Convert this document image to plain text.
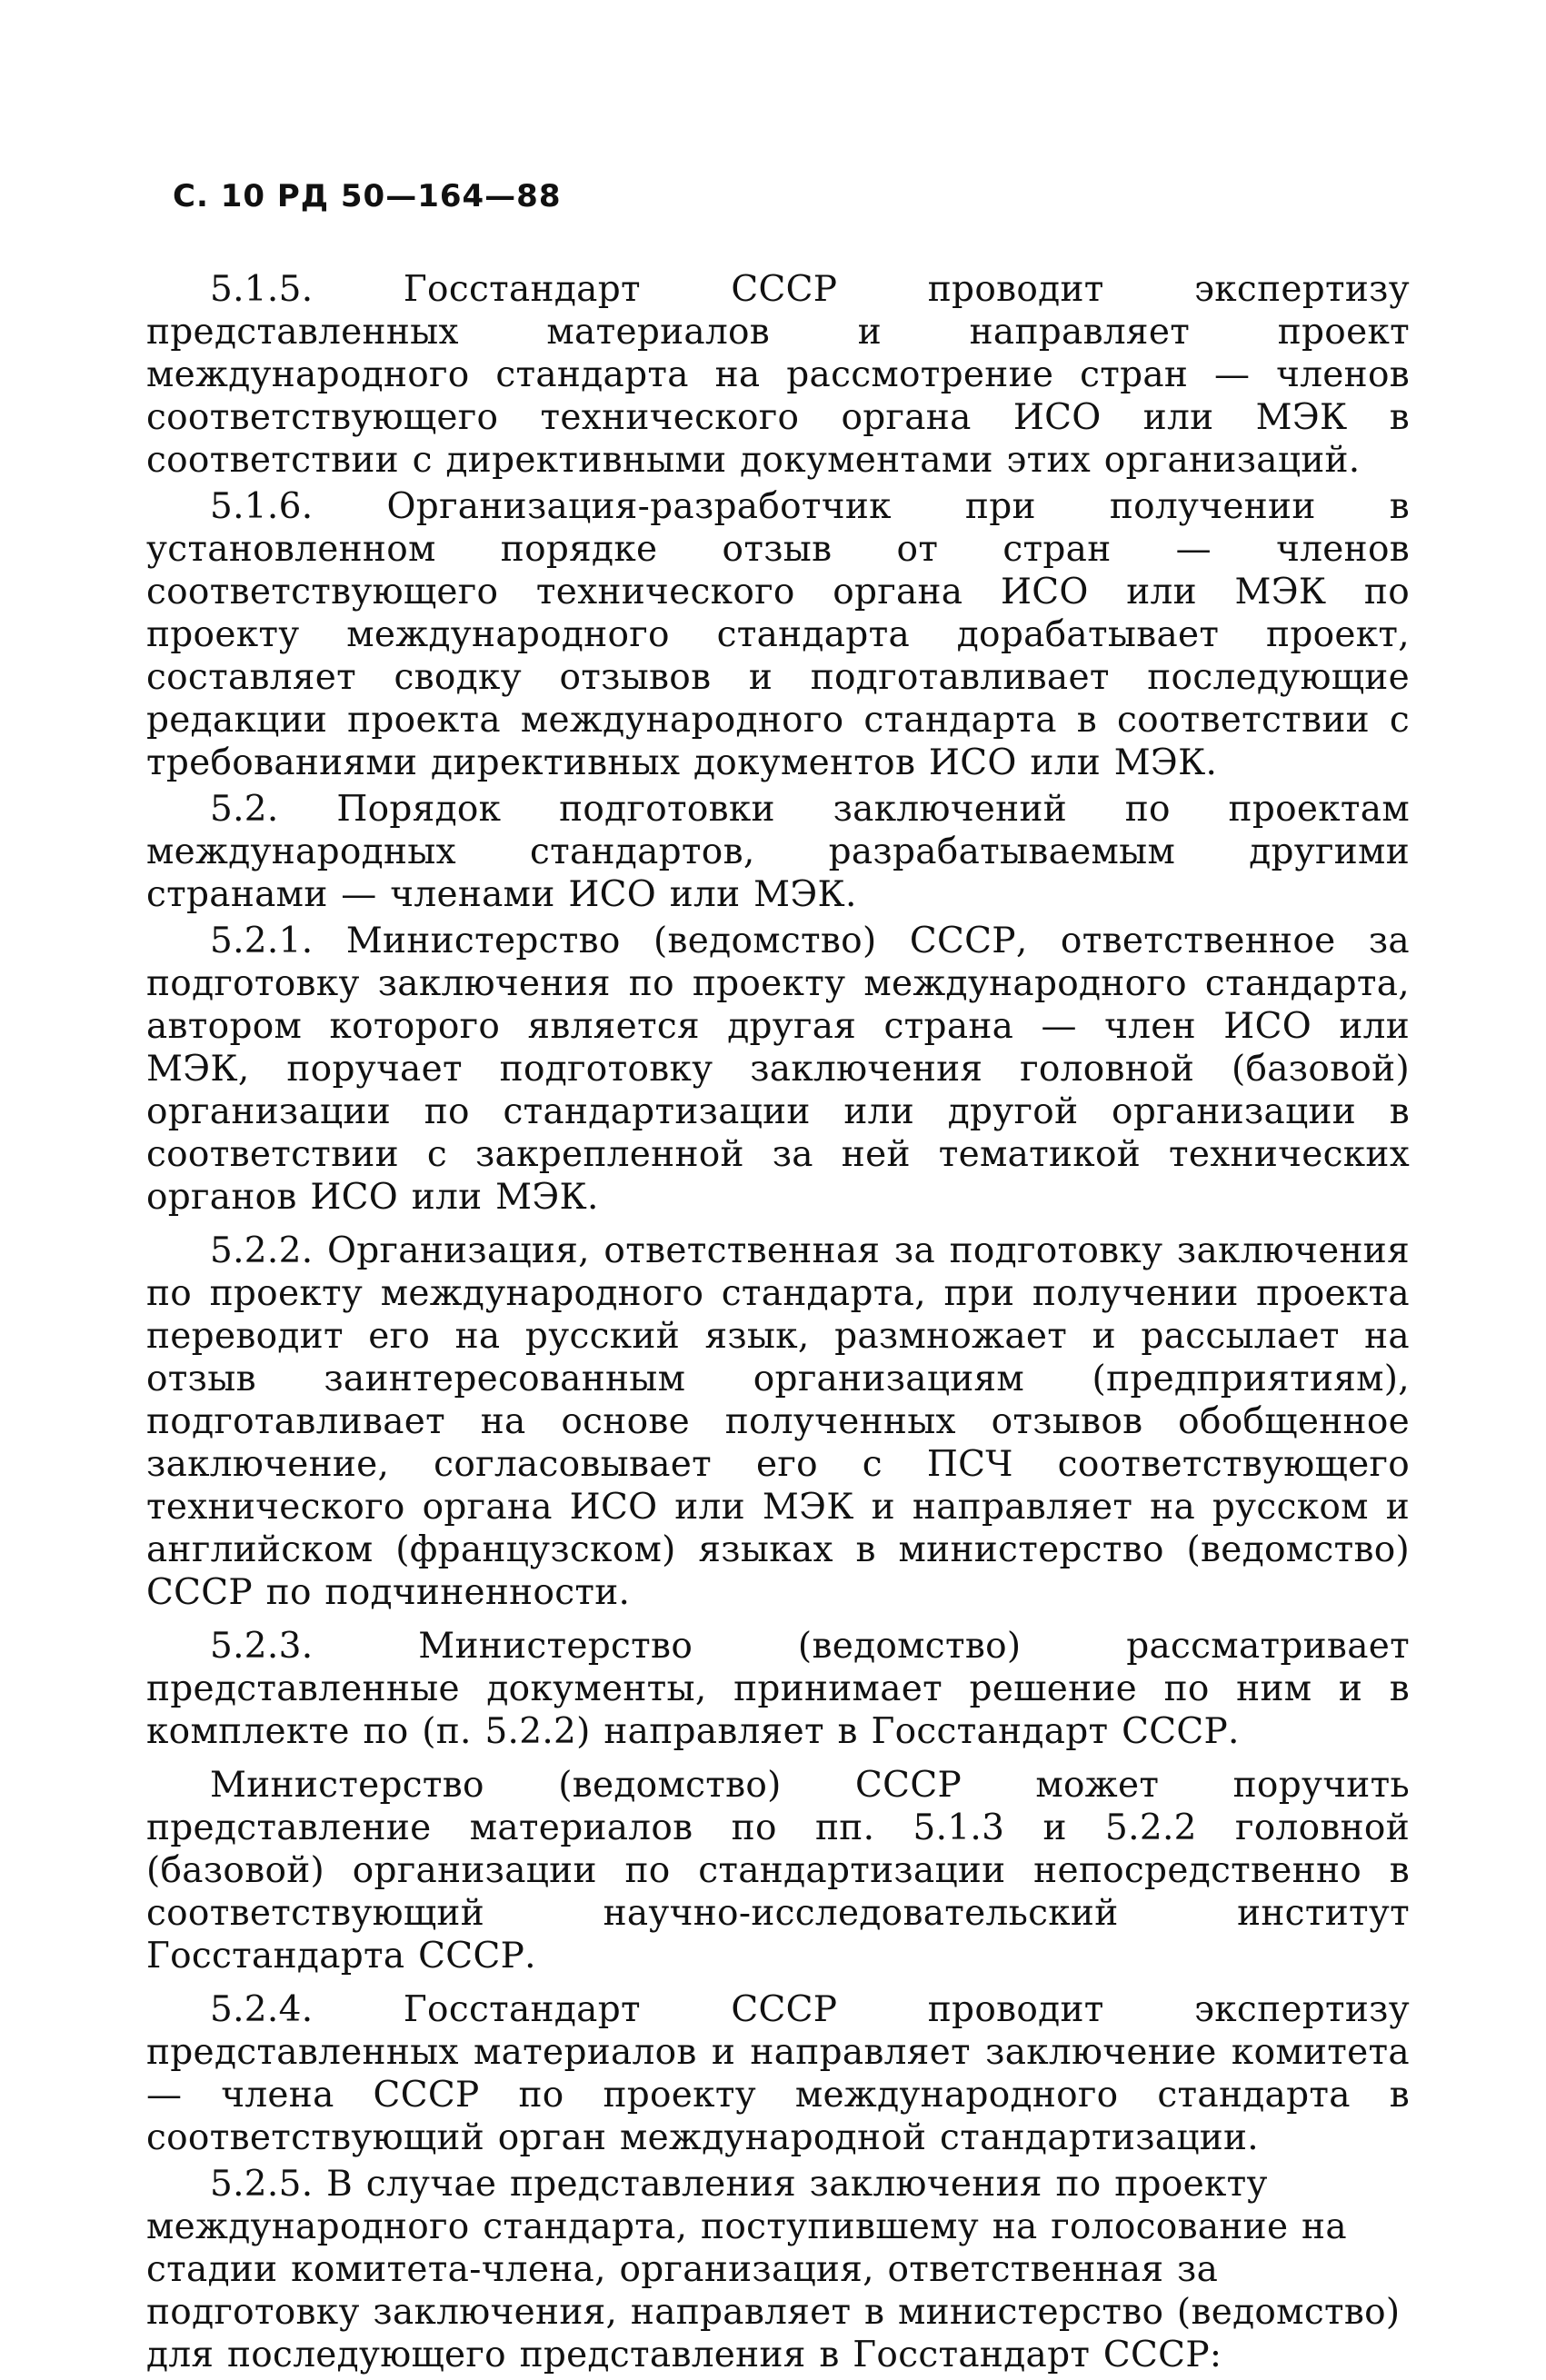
С. 10 РД 50—164—88

5.1.5. Госстандарт СССР проводит экспертизу представленных материалов и направляет проект международного стандарта на рассмотрение стран — членов соответствующего технического органа ИСО или МЭК в соответствии с директивными документами этих организаций.

5.1.6. Организация-разработчик при получении в установленном порядке отзыв от стран — членов соответствующего технического органа ИСО или МЭК по проекту международного стандарта дорабатывает проект, составляет сводку отзывов и подготавливает последующие редакции проекта международного стандарта в соответствии с требованиями директивных документов ИСО или МЭК.

5.2. Порядок подготовки заключений по проектам международных стандартов, разрабатываемым другими странами — членами ИСО или МЭК.

5.2.1. Министерство (ведомство) СССР, ответственное за подготовку заключения по проекту международного стандарта, автором которого является другая страна — член ИСО или МЭК, поручает подготовку заключения головной (базовой) организации по стандартизации или другой организации в соответствии с закрепленной за ней тематикой технических органов ИСО или МЭК.

5.2.2. Организация, ответственная за подготовку заключения по проекту международного стандарта, при получении проекта переводит его на русский язык, размножает и рассылает на отзыв заинтересованным организациям (предприятиям), подготавливает на основе полученных отзывов обобщенное заключение, согласовывает его с ПСЧ соответствующего технического органа ИСО или МЭК и направляет на русском и английском (французском) языках в министерство (ведомство) СССР по подчиненности.

5.2.3. Министерство (ведомство) рассматривает представленные документы, принимает решение по ним и в комплекте по (п. 5.2.2) направляет в Госстандарт СССР.

Министерство (ведомство) СССР может поручить представление материалов по пп. 5.1.3 и 5.2.2 головной (базовой) организации по стандартизации непосредственно в соответствующий научно-исследовательский институт Госстандарта СССР.

5.2.4. Госстандарт СССР проводит экспертизу представленных материалов и направляет заключение комитета — члена СССР по проекту международного стандарта в соответствующий орган международной стандартизации.

5.2.5. В случае представления заключения по проекту международного стандарта, поступившему на голосование на стадии комитета-члена, организация, ответственная за подготовку заключения, направляет в министерство (ведомство) для последующего представления в Госстандарт СССР:
